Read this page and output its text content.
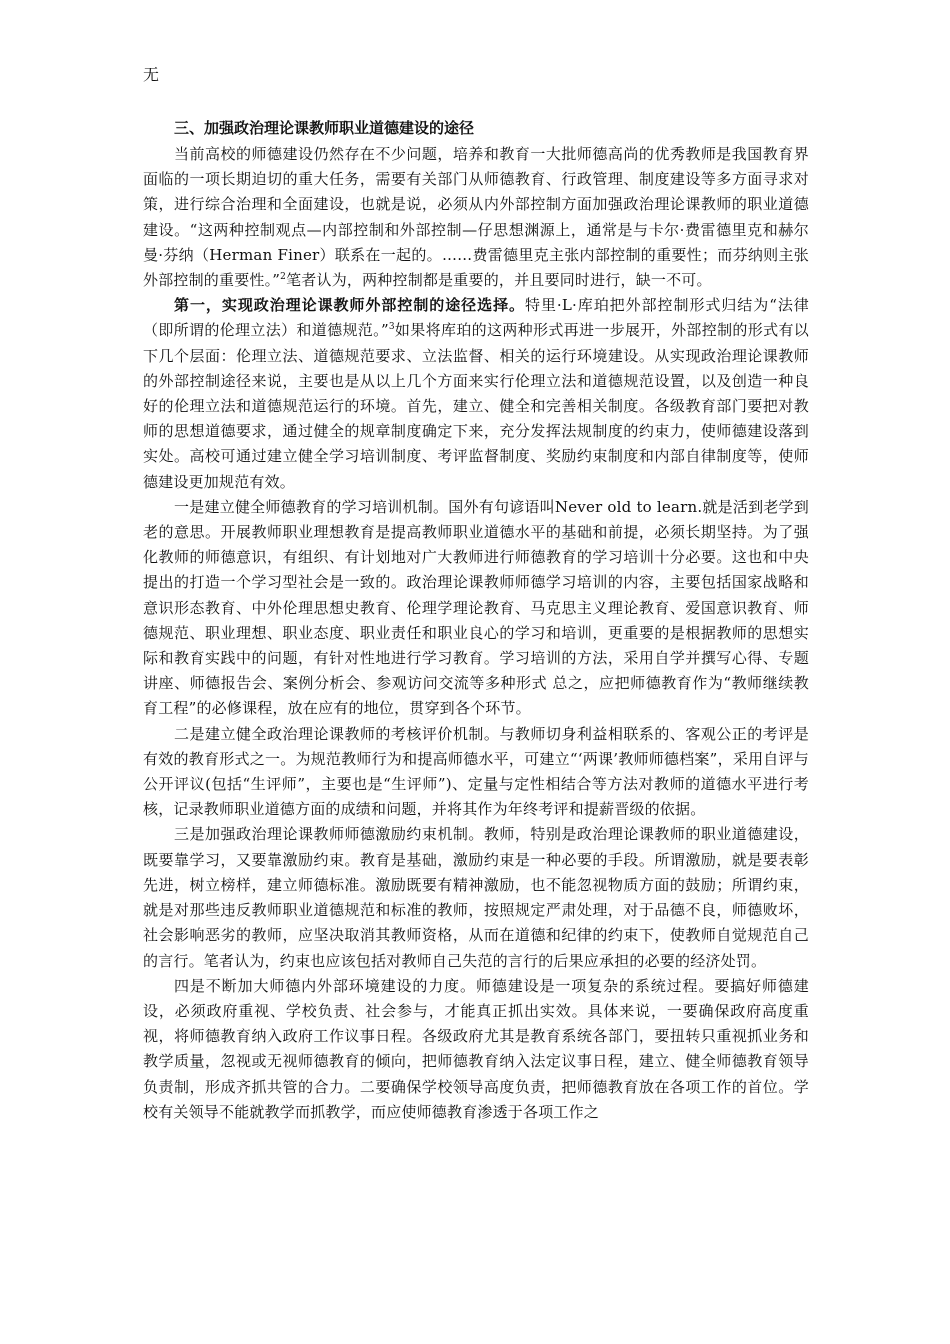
无

三、加强政治理论课教师职业道德建设的途径

当前高校的师德建设仍然存在不少问题，培养和教育一大批师德高尚的优秀教师是我国教育界面临的一项长期迫切的重大任务，需要有关部门从师德教育、行政管理、制度建设等多方面寻求对策，进行综合治理和全面建设，也就是说，必须从内外部控制方面加强政治理论课教师的职业道德建设。“这两种控制观点—内部控制和外部控制—仔思想渊源上，通常是与卡尔·费雷德里克和赫尔曼·芬纳（Herman Finer）联系在一起的。……费雷德里克主张内部控制的重要性；而芬纳则主张外部控制的重要性。”$^2$笔者认为，两种控制都是重要的，并且要同时进行，缺一不可。

第一，实现政治理论课教师外部控制的途径选择。特里·L·库珀把外部控制形式归结为“法律（即所谓的伦理立法）和道德规范。”$^3$如果将库珀的这两种形式再进一步展开，外部控制的形式有以下几个层面：伦理立法、道德规范要求、立法监督、相关的运行环境建设。从实现政治理论课教师的外部控制途径来说，主要也是从以上几个方面来实行伦理立法和道德规范设置，以及创造一种良好的伦理立法和道德规范运行的环境。首先，建立、健全和完善相关制度。各级教育部门要把对教师的思想道德要求，通过健全的规章制度确定下来，充分发挥法规制度的约束力，使师德建设落到实处。高校可通过建立健全学习培训制度、考评监督制度、奖励约束制度和内部自律制度等，使师德建设更加规范有效。

一是建立健全师德教育的学习培训机制。国外有句谚语叫Never old to learn.就是活到老学到老的意思。开展教师职业理想教育是提高教师职业道德水平的基础和前提，必须长期坚持。为了强化教师的师德意识，有组织、有计划地对广大教师进行师德教育的学习培训十分必要。这也和中央提出的打造一个学习型社会是一致的。政治理论课教师师德学习培训的内容，主要包括国家战略和意识形态教育、中外伦理思想史教育、伦理学理论教育、马克思主义理论教育、爱国意识教育、师德规范、职业理想、职业态度、职业责任和职业良心的学习和培训，更重要的是根据教师的思想实际和教育实践中的问题，有针对性地进行学习教育。学习培训的方法，采用自学并撰写心得、专题讲座、师德报告会、案例分析会、参观访问交流等多种形式 总之，应把师德教育作为“教师继续教育工程”的必修课程，放在应有的地位，贯穿到各个环节。

二是建立健全政治理论课教师的考核评价机制。与教师切身利益相联系的、客观公正的考评是有效的教育形式之一。为规范教师行为和提高师德水平，可建立“‘两课’教师师德档案”，采用自评与公开评议(包括“生评师”，主要也是“生评师”)、定量与定性相结合等方法对教师的道德水平进行考核，记录教师职业道德方面的成绩和问题，并将其作为年终考评和提薪晋级的依据。

三是加强政治理论课教师师德激励约束机制。教师，特别是政治理论课教师的职业道德建设，既要靠学习，又要靠激励约束。教育是基础，激励约束是一种必要的手段。所谓激励，就是要表彰先进，树立榜样，建立师德标准。激励既要有精神激励，也不能忽视物质方面的鼓励；所谓约束，就是对那些违反教师职业道德规范和标准的教师，按照规定严肃处理，对于品德不良，师德败坏，社会影响恶劣的教师，应坚决取消其教师资格，从而在道德和纪律的约束下，使教师自觉规范自己的言行。笔者认为，约束也应该包括对教师自己失范的言行的后果应承担的必要的经济处罚。

四是不断加大师德内外部环境建设的力度。师德建设是一项复杂的系统过程。要搞好师德建设，必须政府重视、学校负责、社会参与，才能真正抓出实效。具体来说，一要确保政府高度重视，将师德教育纳入政府工作议事日程。各级政府尤其是教育系统各部门，要扭转只重视抓业务和教学质量，忽视或无视师德教育的倾向，把师德教育纳入法定议事日程，建立、健全师德教育领导负责制，形成齐抓共管的合力。二要确保学校领导高度负责，把师德教育放在各项工作的首位。学校有关领导不能就教学而抓教学，而应使师德教育渗透于各项工作之
